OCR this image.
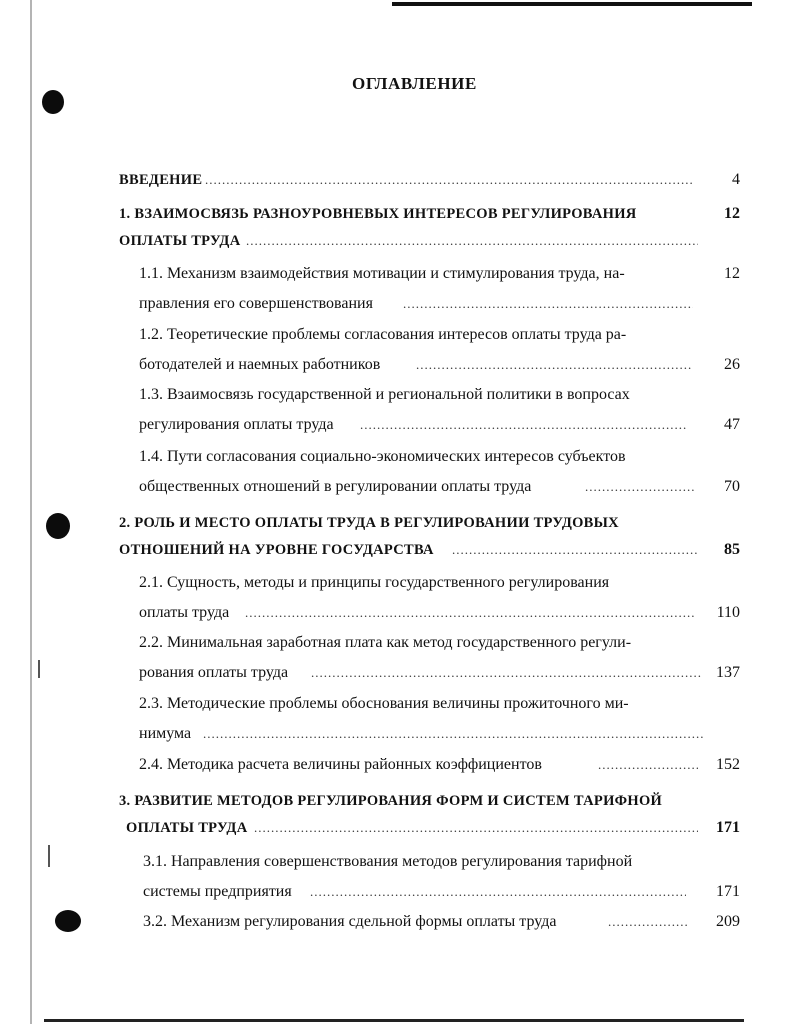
ОГЛАВЛЕНИЕ
ВВЕДЕНИЕ .....	4
1. ВЗАИМОСВЯЗЬ РАЗНОУРОВНЕВЫХ ИНТЕРЕСОВ РЕГУЛИРОВАНИЯ	12
ОПЛАТЫ ТРУДА
.....
1.1. Механизм взаимодействия мотивации и стимулирования труда, на-	12
правления его совершенствования
.....
1.2. Теоретические проблемы согласования интересов оплаты труда ра-
ботодателей и наемных работников .....	26
1.3. Взаимосвязь государственной и региональной политики в вопросах
регулирования оплаты труда .....	47
1.4. Пути согласования социально-экономических интересов субъектов
общественных отношений в регулировании оплаты труда .....	70
2. РОЛЬ И МЕСТО ОПЛАТЫ ТРУДА В РЕГУЛИРОВАНИИ ТРУДОВЫХ
ОТНОШЕНИЙ НА УРОВНЕ ГОСУДАРСТВА .....	85
2.1. Сущность, методы и принципы государственного регулирования
оплаты труда .....	110
2.2. Минимальная заработная плата как метод государственного регули-
рования оплаты труда .....	137
2.3. Методические проблемы обоснования величины прожиточного ми-
нимума
.....
2.4. Методика расчета величины районных коэффициентов .....	152
3. РАЗВИТИЕ МЕТОДОВ РЕГУЛИРОВАНИЯ ФОРМ И СИСТЕМ ТАРИФНОЙ
ОПЛАТЫ ТРУДА .....	171
3.1. Направления совершенствования методов регулирования тарифной
системы предприятия .....	171
3.2. Механизм регулирования сдельной формы оплаты труда .....	209
